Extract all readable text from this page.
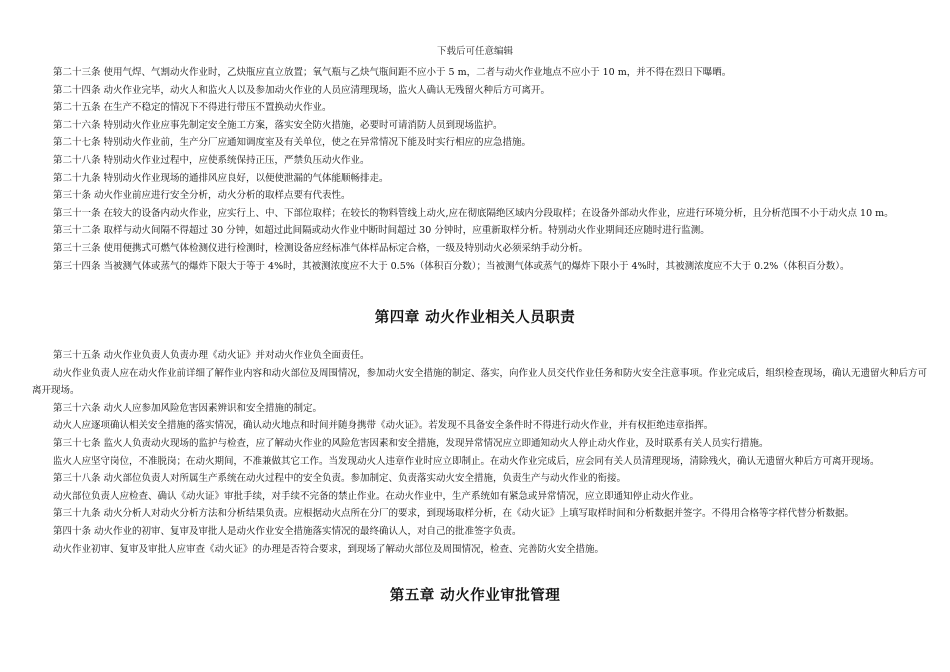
下载后可任意编辑

第二十三条 使用气焊、气割动火作业时，乙炔瓶应直立放置；氧气瓶与乙炔气瓶间距不应小于 5 m，二者与动火作业地点不应小于 10 m，并不得在烈日下曝晒。

第二十四条 动火作业完毕，动火人和监火人以及参加动火作业的人员应清理现场，监火人确认无残留火种后方可离开。

第二十五条 在生产不稳定的情况下不得进行带压不置换动火作业。

第二十六条 特别动火作业应事先制定安全施工方案，落实安全防火措施，必要时可请消防人员到现场监护。

第二十七条 特别动火作业前，生产分厂应通知调度室及有关单位，使之在异常情况下能及时实行相应的应急措施。

第二十八条 特别动火作业过程中，应使系统保持正压，严禁负压动火作业。

第二十九条 特别动火作业现场的通排风应良好，以便使泄漏的气体能顺畅排走。

第三十条 动火作业前应进行安全分析，动火分析的取样点要有代表性。

第三十一条 在较大的设备内动火作业，应实行上、中、下部位取样；在较长的物料管线上动火,应在彻底隔绝区域内分段取样；在设备外部动火作业，应进行环境分析，且分析范围不小于动火点 10 m。

第三十二条 取样与动火间隔不得超过 30 分钟，如超过此间隔或动火作业中断时间超过 30 分钟时，应重新取样分析。特别动火作业期间还应随时进行监测。

第三十三条 使用便携式可燃气体检测仪进行检测时，检测设备应经标准气体样品标定合格，一级及特别动火必须采纳手动分析。

第三十四条 当被测气体或蒸气的爆炸下限大于等于 4%时，其被测浓度应不大于 0.5%（体积百分数）；当被测气体或蒸气的爆炸下限小于 4%时，其被测浓度应不大于 0.2%（体积百分数）。

第四章 动火作业相关人员职责

第三十五条 动火作业负责人负责办理《动火证》并对动火作业负全面责任。

动火作业负责人应在动火作业前详细了解作业内容和动火部位及周围情况，参加动火安全措施的制定、落实，向作业人员交代作业任务和防火安全注意事项。作业完成后，组织检查现场，确认无遗留火种后方可离开现场。

第三十六条 动火人应参加风险危害因素辨识和安全措施的制定。

动火人应逐项确认相关安全措施的落实情况，确认动火地点和时间并随身携带《动火证》。若发现不具备安全条件时不得进行动火作业，并有权拒绝违章指挥。

第三十七条 监火人负责动火现场的监护与检查，应了解动火作业的风险危害因素和安全措施，发现异常情况应立即通知动火人停止动火作业，及时联系有关人员实行措施。

监火人应坚守岗位，不准脱岗；在动火期间，不准兼做其它工作。当发现动火人违章作业时应立即制止。在动火作业完成后，应会同有关人员清理现场，清除残火，确认无遗留火种后方可离开现场。

第三十八条 动火部位负责人对所属生产系统在动火过程中的安全负责。参加制定、负责落实动火安全措施，负责生产与动火作业的衔接。

动火部位负责人应检查、确认《动火证》审批手续，对手续不完备的禁止作业。在动火作业中，生产系统如有紧急或异常情况，应立即通知停止动火作业。

第三十九条 动火分析人对动火分析方法和分析结果负责。应根据动火点所在分厂的要求，到现场取样分析，在《动火证》上填写取样时间和分析数据并签字。不得用合格等字样代替分析数据。

第四十条 动火作业的初审、复审及审批人是动火作业安全措施落实情况的最终确认人，对自己的批准签字负责。

动火作业初审、复审及审批人应审查《动火证》的办理是否符合要求，到现场了解动火部位及周围情况，检查、完善防火安全措施。

第五章 动火作业审批管理
